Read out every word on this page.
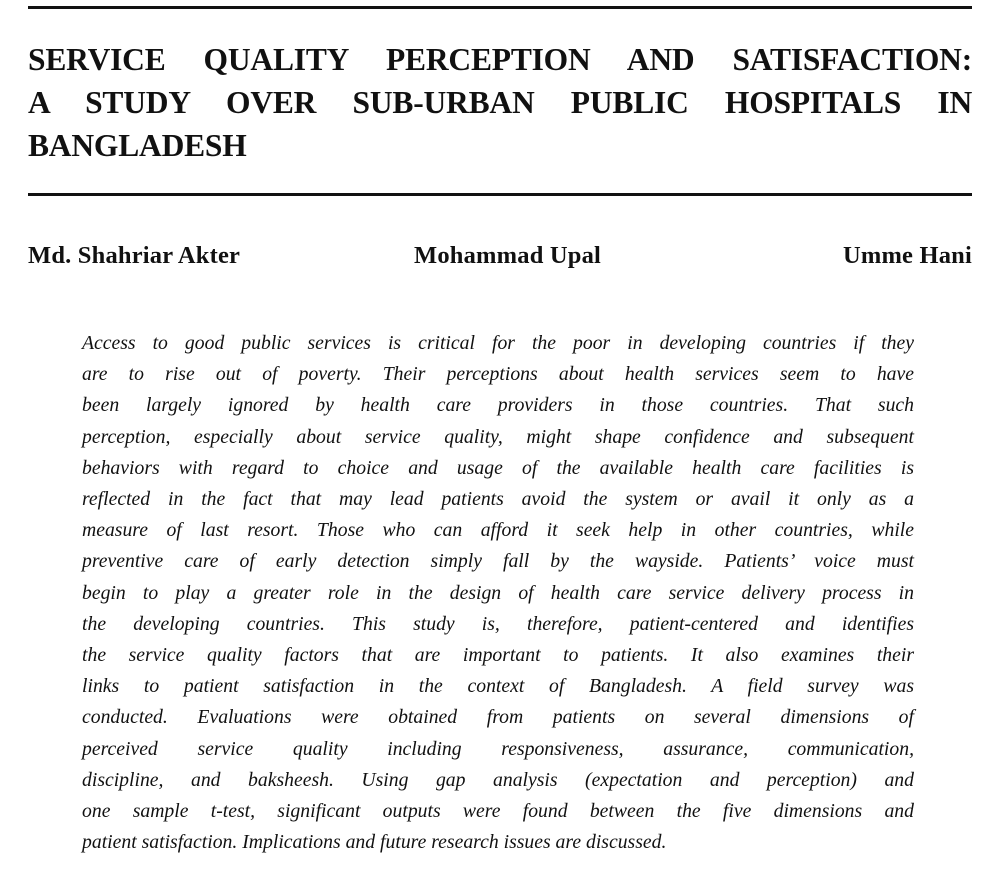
SERVICE QUALITY PERCEPTION AND SATISFACTION:
A STUDY OVER SUB-URBAN PUBLIC HOSPITALS IN
BANGLADESH
Md. Shahriar Akter	Mohammad Upal	Umme Hani
Access to good public services is critical for the poor in developing countries if they
are to rise out of poverty. Their perceptions about health services seem to have
been largely ignored by health care providers in those countries. That such
perception, especially about service quality, might shape confidence and subsequent
behaviors with regard to choice and usage of the available health care facilities is
reflected in the fact that may lead patients avoid the system or avail it only as a
measure of last resort. Those who can afford it seek help in other countries, while
preventive care of early detection simply fall by the wayside. Patients’ voice must
begin to play a greater role in the design of health care service delivery process in
the developing countries. This study is, therefore, patient-centered and identifies
the service quality factors that are important to patients. It also examines their
links to patient satisfaction in the context of Bangladesh. A field survey was
conducted. Evaluations were obtained from patients on several dimensions of
perceived service quality including responsiveness, assurance, communication,
discipline, and baksheesh. Using gap analysis (expectation and perception) and
one sample t-test, significant outputs were found between the five dimensions and
patient satisfaction. Implications and future research issues are discussed.
